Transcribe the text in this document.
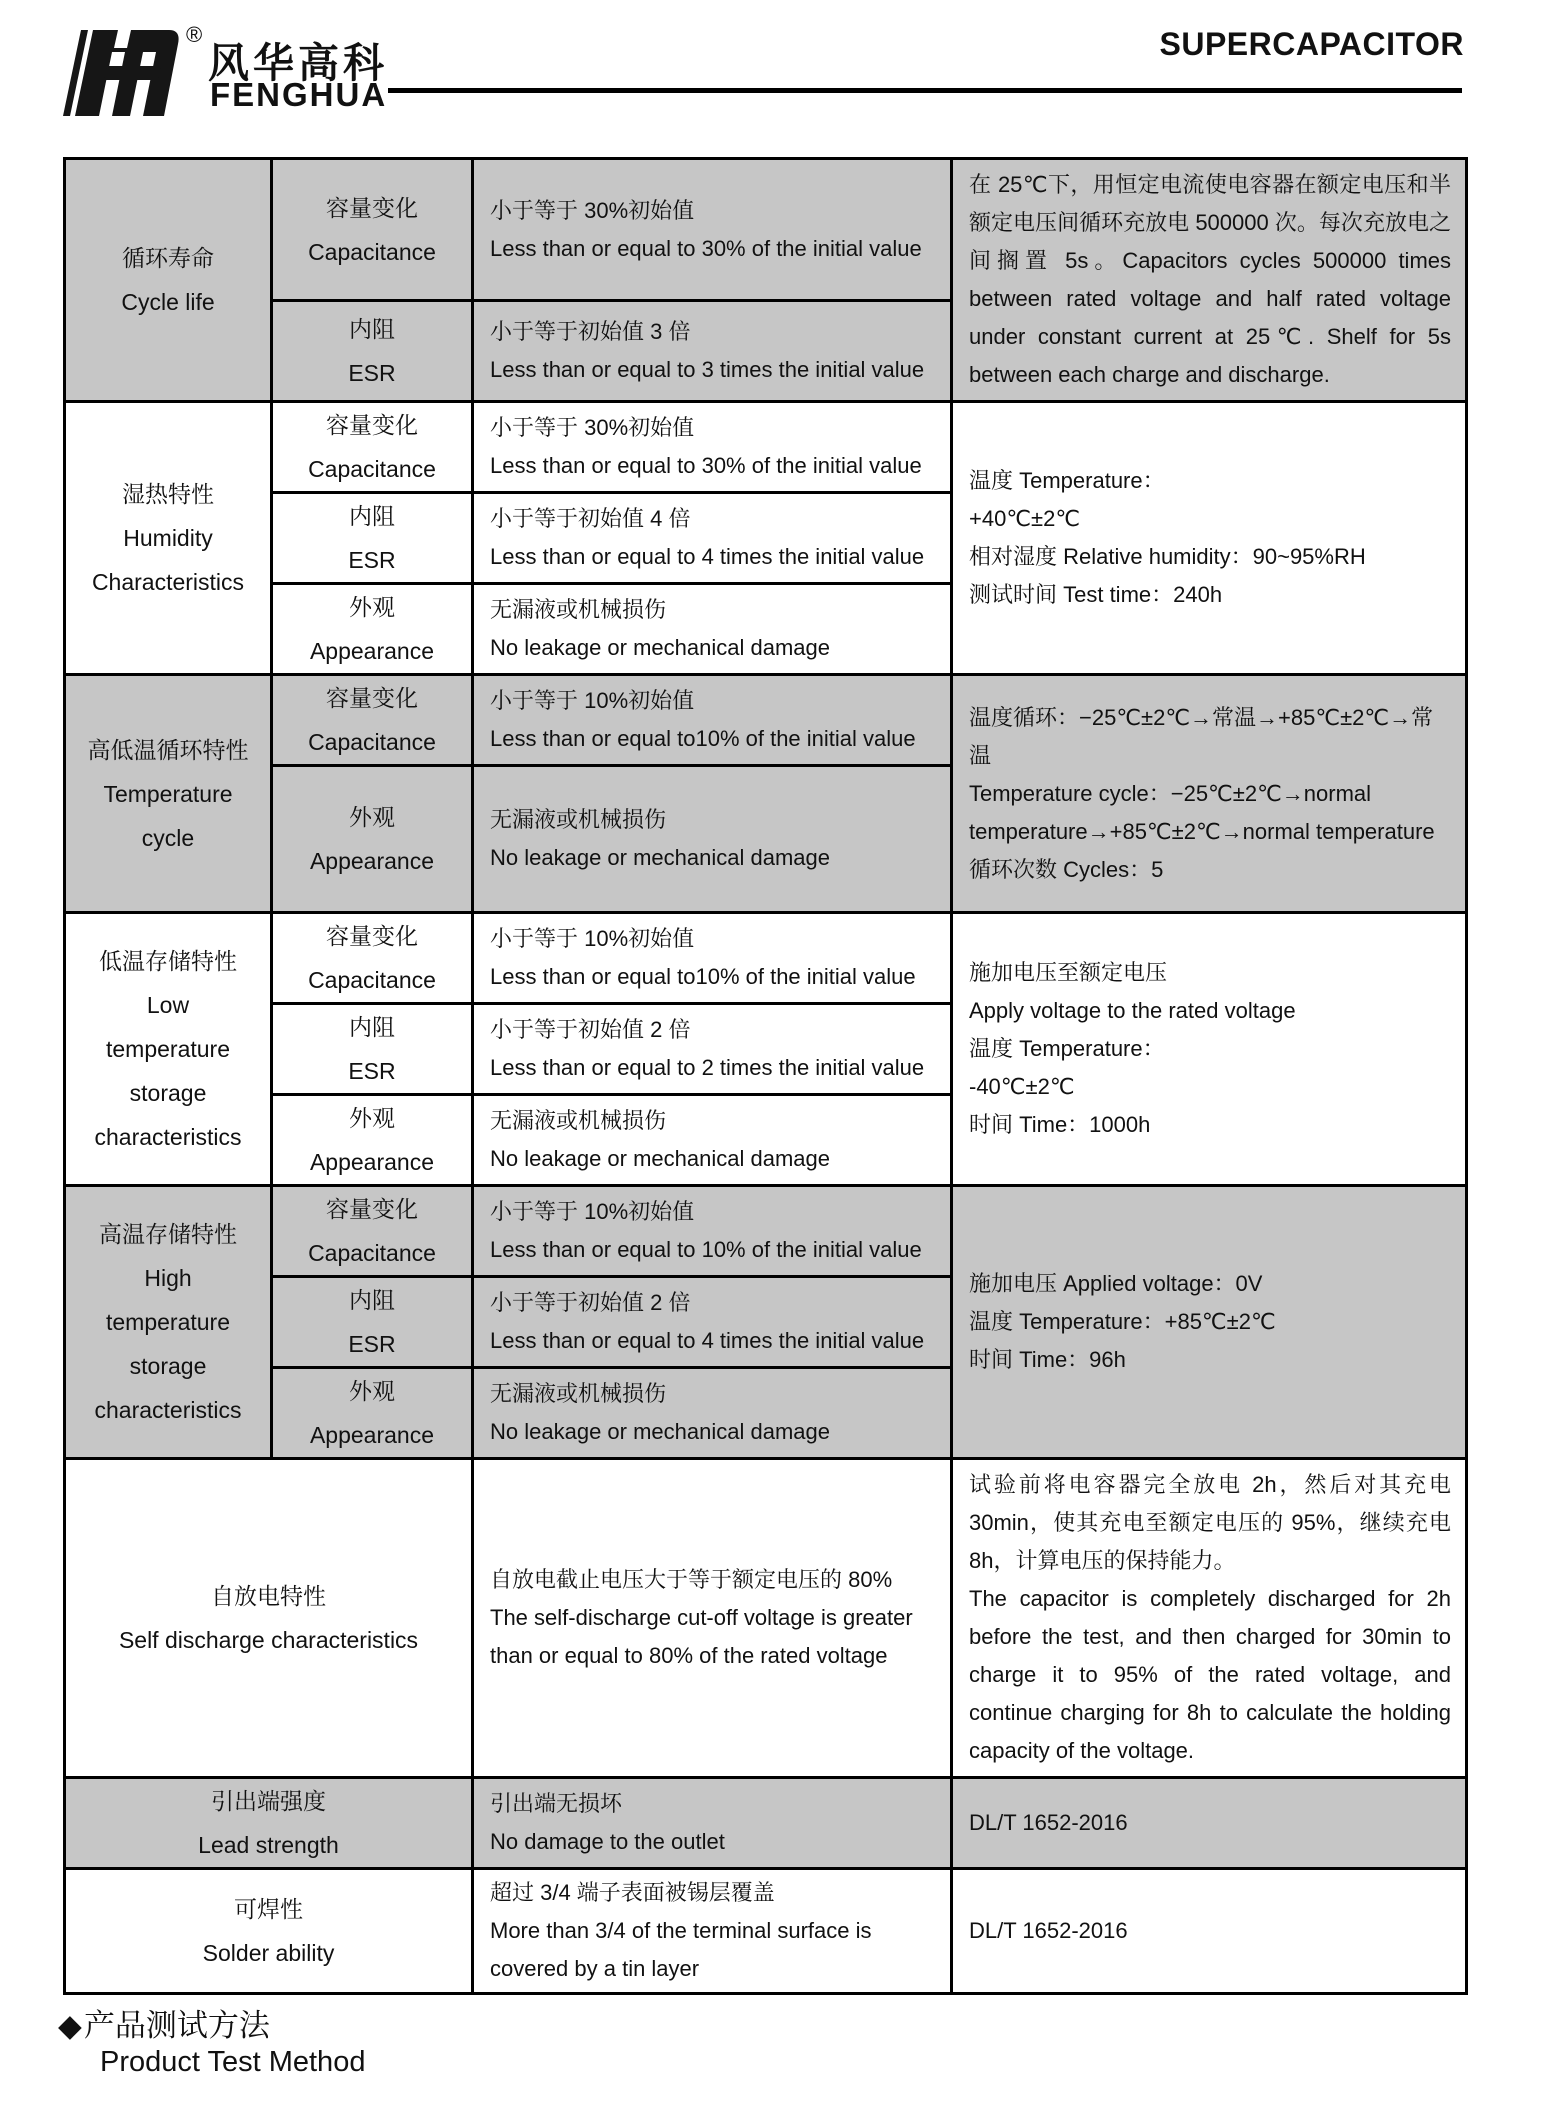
®
风华高科
FENGHUA
SUPERCAPACITOR
循环寿命
Cycle life

容量变化
Capacitance

小于等于 30%初始值
Less than or equal to 30% of the initial value

在 25℃下，用恒定电流使电容器在额定电压和半额定电压间循环充放电 500000 次。每次充放电之间搁置 5s。Capacitors cycles 500000 times between rated voltage and half rated voltage under constant current at 25℃. Shelf for 5s between each charge and discharge.

内阻
ESR

小于等于初始值 3 倍
Less than or equal to 3 times the initial value

湿热特性
Humidity
Characteristics

容量变化
Capacitance

小于等于 30%初始值
Less than or equal to 30% of the initial value

温度 Temperature：
+40℃±2℃
相对湿度 Relative humidity：90~95%RH
测试时间 Test time：240h

内阻
ESR

小于等于初始值 4 倍
Less than or equal to 4 times the initial value

外观
Appearance

无漏液或机械损伤
No leakage or mechanical damage

高低温循环特性
Temperature
cycle

容量变化
Capacitance

小于等于 10%初始值
Less than or equal to10% of the initial value

温度循环：−25℃±2℃→常温→+85℃±2℃→常温
Temperature cycle：−25℃±2℃→normal temperature→+85℃±2℃→normal temperature
循环次数 Cycles：5

外观
Appearance

无漏液或机械损伤
No leakage or mechanical damage

低温存储特性
Low
temperature
storage
characteristics

容量变化
Capacitance

小于等于 10%初始值
Less than or equal to10% of the initial value	施加电压至额定电压
Apply voltage to the rated voltage
温度 Temperature：
-40℃±2℃
时间 Time：1000h

内阻
ESR

小于等于初始值 2 倍
Less than or equal to 2 times the initial value

外观
Appearance

无漏液或机械损伤
No leakage or mechanical damage

高温存储特性
High
temperature
storage
characteristics

容量变化
Capacitance

小于等于 10%初始值
Less than or equal to 10% of the initial value

施加电压 Applied voltage：0V
温度 Temperature：+85℃±2℃
时间 Time：96h

内阻
ESR

小于等于初始值 2 倍
Less than or equal to 4 times the initial value

外观
Appearance

无漏液或机械损伤
No leakage or mechanical damage

自放电特性
Self discharge characteristics

自放电截止电压大于等于额定电压的 80%
The self-discharge cut-off voltage is greater than or equal to 80% of the rated voltage

试验前将电容器完全放电 2h，然后对其充电 30min，使其充电至额定电压的 95%，继续充电 8h，计算电压的保持能力。
The capacitor is completely discharged for 2h before the test, and then charged for 30min to charge it to 95% of the rated voltage, and continue charging for 8h to calculate the holding capacity of the voltage.

引出端强度
Lead strength

引出端无损坏
No damage to the outlet

DL/T 1652-2016

可焊性
Solder ability

超过 3/4 端子表面被锡层覆盖
More than 3/4 of the terminal surface is covered by a tin layer

DL/T 1652-2016
◆产品测试方法
Product Test Method
